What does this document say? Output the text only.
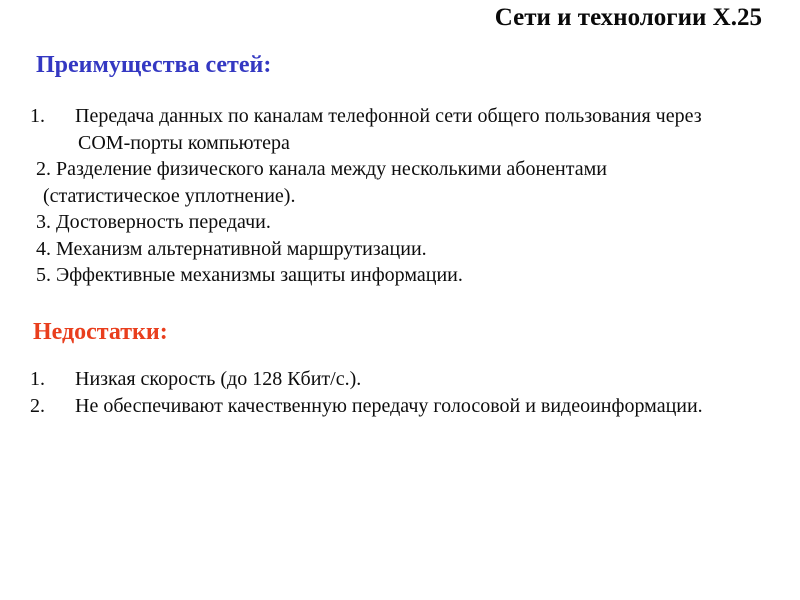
Сети и технологии Х.25
Преимущества сетей:
1. Передача данных по каналам телефонной сети общего пользования через
СОМ-порты компьютера
2. Разделение физического канала между несколькими абонентами
(статистическое уплотнение).
3. Достоверность передачи.
4. Механизм альтернативной маршрутизации.
5. Эффективные механизмы защиты информации.
Недостатки:
1. Низкая скорость (до 128 Кбит/с.).
2. Не обеспечивают качественную передачу голосовой и видеоинформации.
